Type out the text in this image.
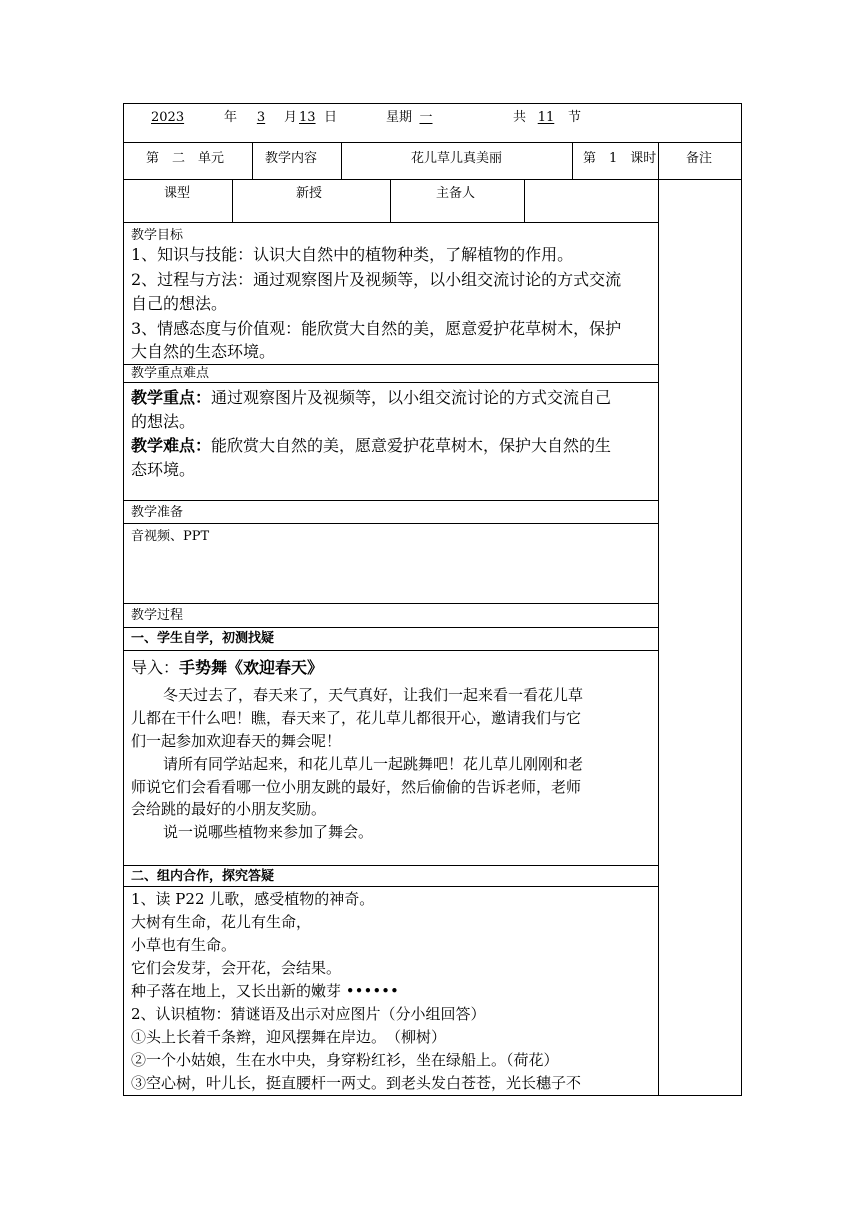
2023	年	3	月 13 日	星期 一	共 11	节
第　二　单元	教学内容	花儿草儿真美丽	第　1　课时 备注
课型	新授	主备人
教学目标
1、知识与技能：认识大自然中的植物种类，了解植物的作用。
2、过程与方法：通过观察图片及视频等，以小组交流讨论的方式交流
自己的想法。
3、情感态度与价值观：能欣赏大自然的美，愿意爱护花草树木，保护
大自然的生态环境。
教学重点难点
教学重点：通过观察图片及视频等，以小组交流讨论的方式交流自己
的想法。
教学难点：能欣赏大自然的美，愿意爱护花草树木，保护大自然的生
态环境。
教学准备
音视频、PPT
教学过程
一、学生自学，初测找疑
导入：手势舞《欢迎春天》
冬天过去了，春天来了，天气真好，让我们一起来看一看花儿草
儿都在干什么吧！瞧，春天来了，花儿草儿都很开心，邀请我们与它
们一起参加欢迎春天的舞会呢！
请所有同学站起来，和花儿草儿一起跳舞吧！花儿草儿刚刚和老
师说它们会看看哪一位小朋友跳的最好，然后偷偷的告诉老师，老师
会给跳的最好的小朋友奖励。
说一说哪些植物来参加了舞会。
二、组内合作，探究答疑
1、读 P22 儿歌，感受植物的神奇。
大树有生命，花儿有生命，
小草也有生命。
它们会发芽，会开花，会结果。
种子落在地上，又长出新的嫩芽 ••••••
2、认识植物：猜谜语及出示对应图片（分小组回答）
①头上长着千条辫，迎风摆舞在岸边。　（柳树）
②一个小姑娘，生在水中央，身穿粉红衫，坐在绿船上。（荷花）
③空心树，叶儿长，挺直腰杆一两丈。到老头发白苍苍，光长穗子不
